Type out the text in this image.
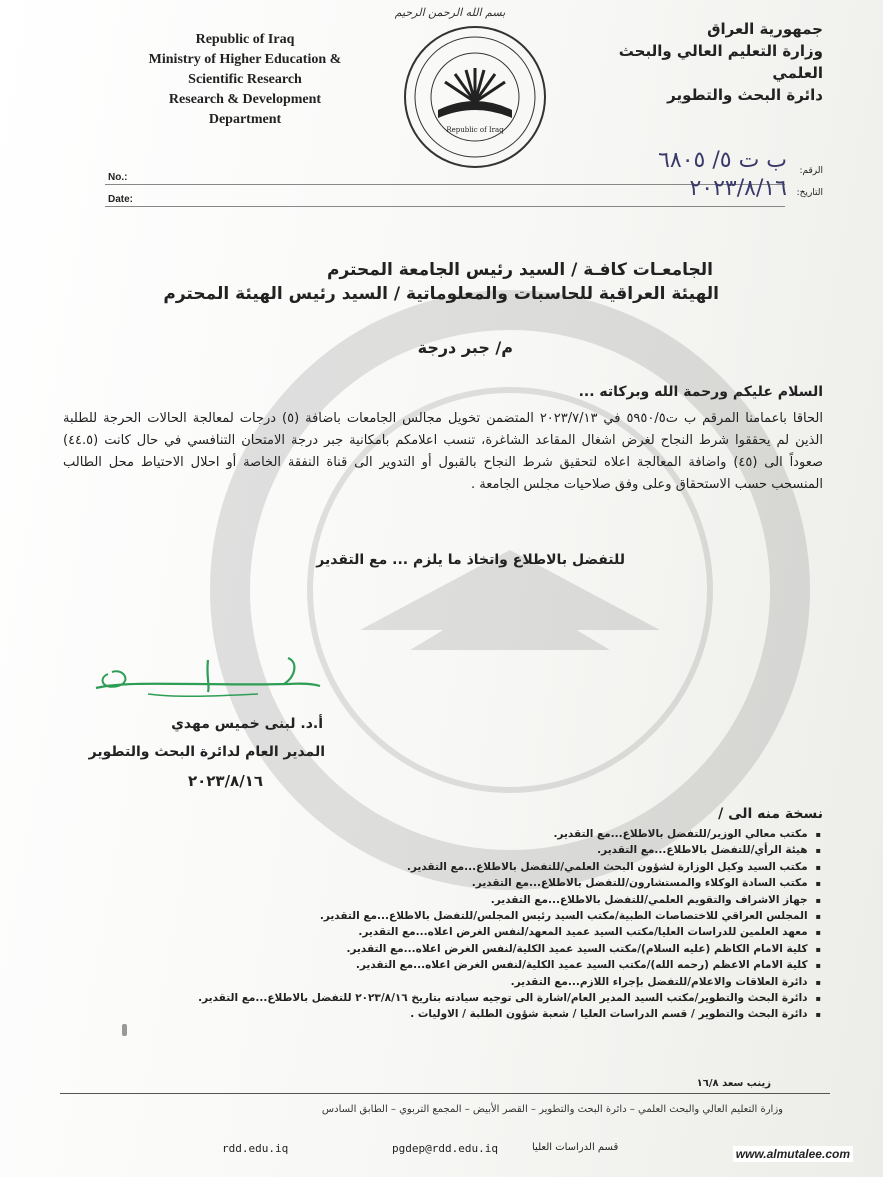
بسم الله الرحمن الرحيم
Republic of Iraq
Ministry of Higher Education &
Scientific Research
Research & Development
Department
Republic of Iraq
جمهورية العراق
وزارة التعليم العالي والبحث العلمي
دائرة البحث والتطوير
No.:
Date:
الرقم:
التاريخ:
ب ت ٥/ ٦٨٠٥
٢٠٢٣/٨/١٦
الجامعـات كافـة / السيد رئيس الجامعة المحترم
الهيئة العراقية للحاسبات والمعلوماتية / السيد رئيس الهيئة المحترم
م/ جبر درجة
السلام عليكم ورحمة الله وبركاته ...
الحاقا باعمامنا المرقم ب ت٥٩٥٠/٥ في ٢٠٢٣/٧/١٣ المتضمن تخويل مجالس الجامعات باضافة (٥) درجات لمعالجة الحالات الحرجة للطلبة الذين لم يحققوا شرط النجاح لغرض اشغال المقاعد الشاغرة، تنسب اعلامكم بامكانية جبر درجة الامتحان التنافسي في حال كانت (٤٤.٥) صعوداً الى (٤٥) واضافة المعالجة اعلاه لتحقيق شرط النجاح بالقبول أو التدوير الى قناة النفقة الخاصة أو احلال الاحتياط محل الطالب المنسحب حسب الاستحقاق وعلى وفق صلاحيات مجلس الجامعة .
للتفضل بالاطلاع واتخاذ ما يلزم ... مع التقدير
أ.د. لبنى خميس مهدي
المدير العام لدائرة البحث والتطوير
٢٠٢٣/٨/١٦
نسخة منه الى /
▪ مكتب معالي الوزير/للتفضل بالاطلاع...مع التقدير.
▪ هيئة الرأي/للتفضل بالاطلاع...مع التقدير.
▪ مكتب السيد وكيل الوزارة لشؤون البحث العلمي/للتفضل بالاطلاع...مع التقدير.
▪ مكتب السادة الوكلاء والمستشارون/للتفضل بالاطلاع...مع التقدير.
▪ جهاز الاشراف والتقويم العلمي/للتفضل بالاطلاع...مع التقدير.
▪ المجلس العراقي للاختصاصات الطبية/مكتب السيد رئيس المجلس/للتفضل بالاطلاع...مع التقدير.
▪ معهد العلمين للدراسات العليا/مكتب السيد عميد المعهد/لنفس الغرض اعلاه...مع التقدير.
▪ كلية الامام الكاظم (عليه السلام)/مكتب السيد عميد الكلية/لنفس الغرض اعلاه...مع التقدير.
▪ كلية الامام الاعظم (رحمه الله)/مكتب السيد عميد الكلية/لنفس الغرض اعلاه...مع التقدير.
▪ دائرة العلاقات والاعلام/للتفضل بإجراء اللازم...مع التقدير.
▪ دائرة البحث والتطوير/مكتب السيد المدير العام/اشارة الى توجيه سيادته بتاريخ ٢٠٢٣/٨/١٦ للتفضل بالاطلاع...مع التقدير.
▪ دائرة البحث والتطوير / قسم الدراسات العليا / شعبة شؤون الطلبة / الاوليات .
زينب سعد ١٦/٨
وزارة التعليم العالي والبحث العلمي – دائرة البحث والتطوير – القصر الأبيض – المجمع التربوي – الطابق السادس
rdd.edu.iq	pgdep@rdd.edu.iq	قسم الدراسات العليا	www.almutalee.com
